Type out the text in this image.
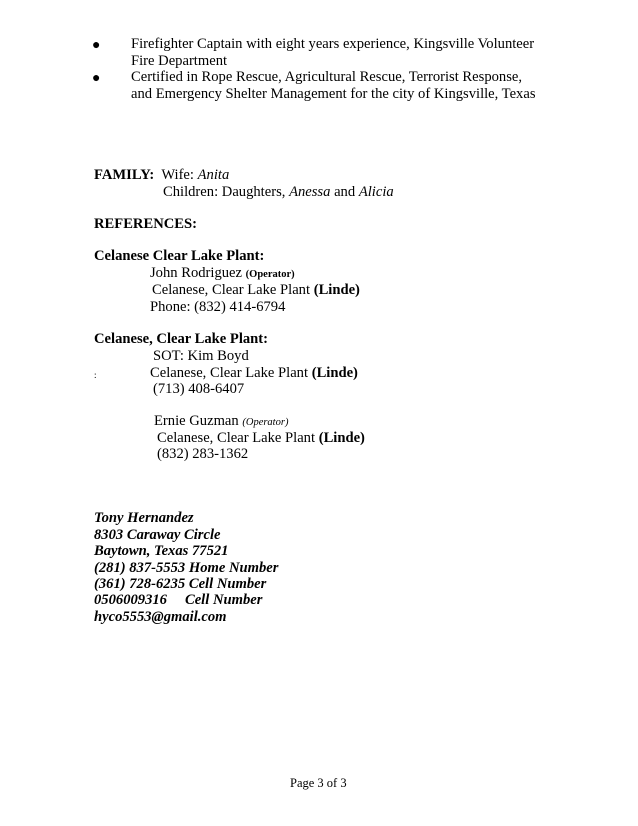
● Firefighter Captain with eight years experience, Kingsville Volunteer
Fire Department
● Certified in Rope Rescue, Agricultural Rescue, Terrorist Response,
and Emergency Shelter Management for the city of Kingsville, Texas
FAMILY: Wife: Anita
Children: Daughters, Anessa and Alicia
REFERENCES:
Celanese Clear Lake Plant:
John Rodriguez (Operator)
Celanese, Clear Lake Plant (Linde)
Phone: (832) 414-6794
Celanese, Clear Lake Plant:
SOT: Kim Boyd
:	Celanese, Clear Lake Plant (Linde)
(713) 408-6407
Ernie Guzman (Operator)
Celanese, Clear Lake Plant (Linde)
(832) 283-1362
Tony Hernandez
8303 Caraway Circle
Baytown, Texas 77521
(281) 837-5553 Home Number
(361) 728-6235 Cell Number
0506009316 Cell Number
hyco5553@gmail.com
Page 3 of 3
